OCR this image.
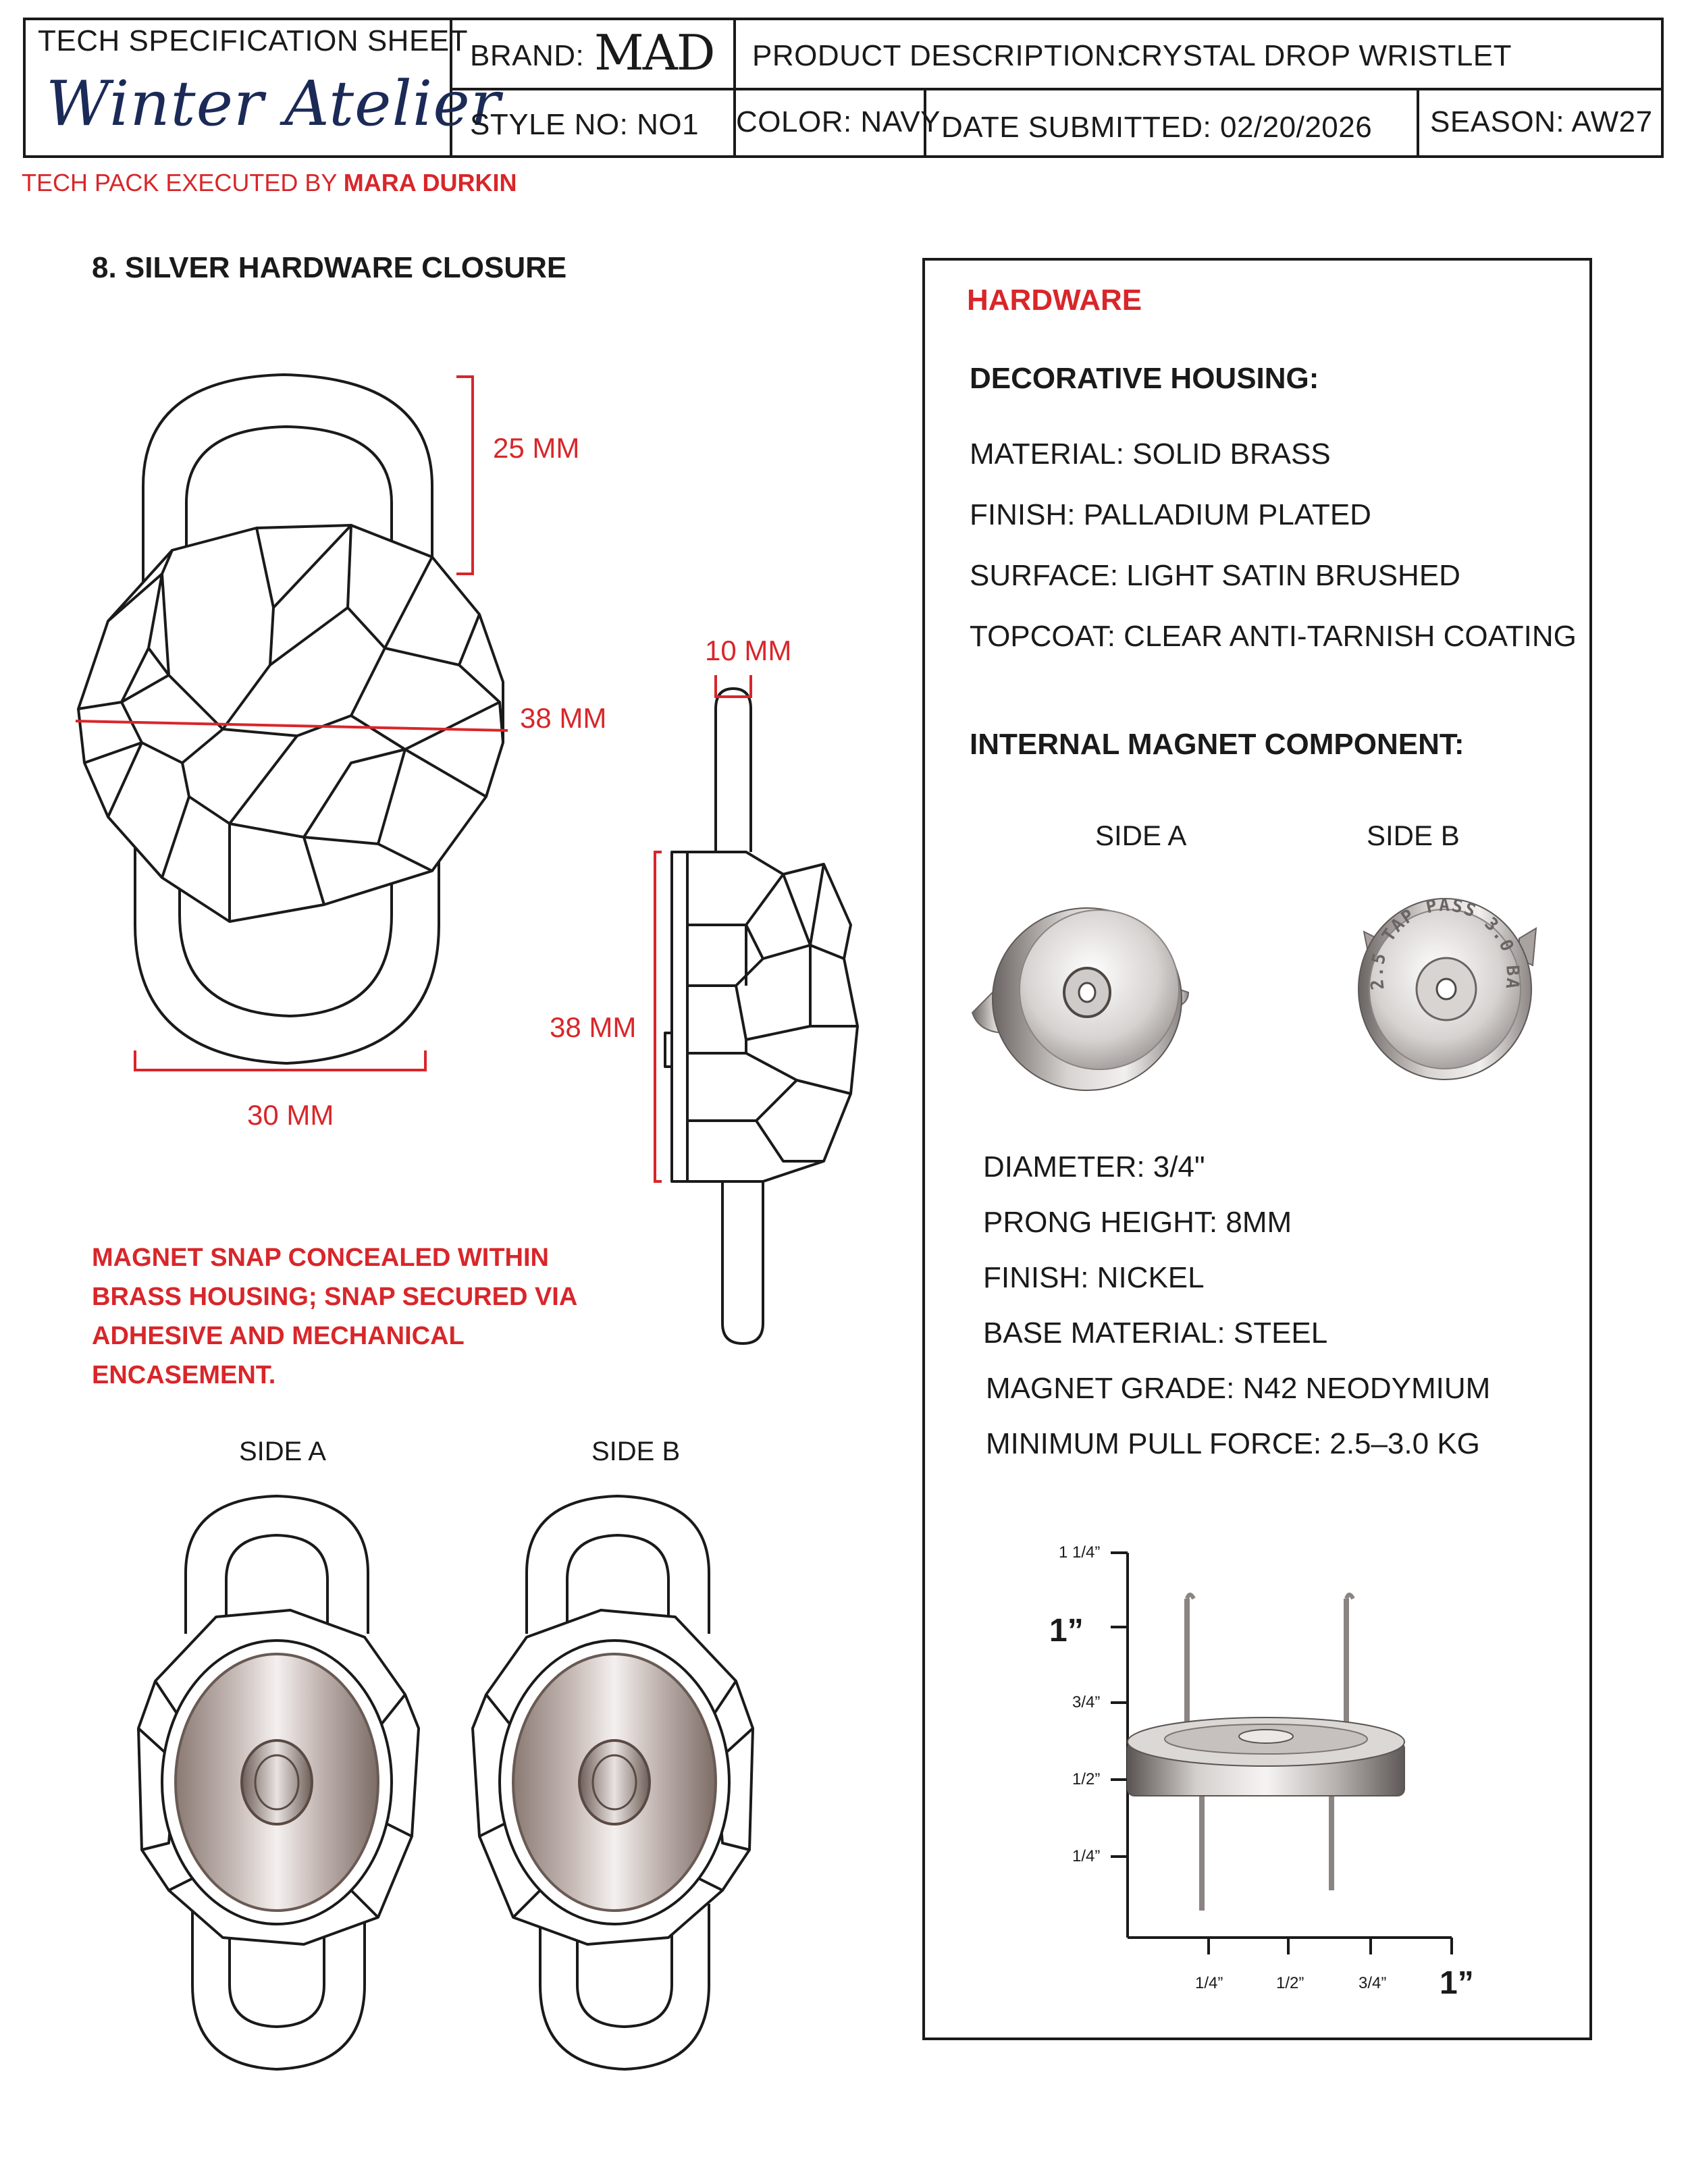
TECH SPECIFICATION SHEET
Winter Atelier
BRAND: MAD PRODUCT DESCRIPTION:
CRYSTAL DROP WRISTLET
STYLE NO: NO1 COLOR: NAVY DATE SUBMITTED: 02/20/2026 SEASON: AW27
TECH PACK EXECUTED BY MARA DURKIN
8. SILVER HARDWARE CLOSURE
25 MM
38 MM
30 MM
10 MM
38 MM
MAGNET SNAP CONCEALED WITHIN BRASS HOUSING; SNAP SECURED VIA ADHESIVE AND MECHANICAL ENCASEMENT.
SIDE A	SIDE B
HARDWARE
DECORATIVE HOUSING:
MATERIAL: SOLID BRASS
FINISH: PALLADIUM PLATED
SURFACE: LIGHT SATIN BRUSHED
TOPCOAT: CLEAR ANTI-TARNISH COATING
INTERNAL MAGNET COMPONENT:
SIDE A	SIDE B
2.5 TAP PASS 3.0 BAMOR
DIAMETER: 3/4"
PRONG HEIGHT: 8MM
FINISH: NICKEL
BASE MATERIAL: STEEL
MAGNET GRADE: N42 NEODYMIUM
MINIMUM PULL FORCE: 2.5–3.0 KG
1 1/4”
1”
3/4”
1/2”
1/4”
1/4”	1/2”	3/4” 1”
